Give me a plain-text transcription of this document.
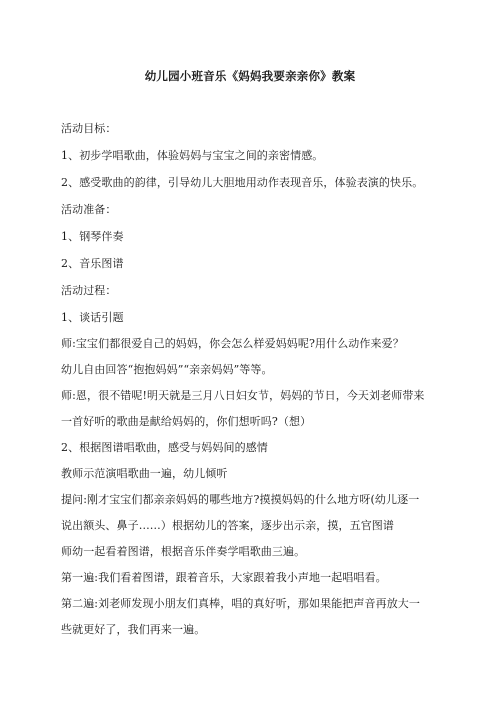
幼儿园小班音乐《妈妈我要亲亲你》教案
活动目标：
1、初步学唱歌曲，体验妈妈与宝宝之间的亲密情感。
2、感受歌曲的韵律，引导幼儿大胆地用动作表现音乐，体验表演的快乐。
活动准备：
1、钢琴伴奏
2、音乐图谱
活动过程：
1、谈话引题
师:宝宝们都很爱自己的妈妈，你会怎么样爱妈妈呢?用什么动作来爱？
幼儿自由回答“抱抱妈妈”“亲亲妈妈”等等。
师:恩，很不错呢!明天就是三月八日妇女节，妈妈的节日，今天刘老师带来
一首好听的歌曲是献给妈妈的，你们想听吗?（想）
2、根据图谱唱歌曲，感受与妈妈间的感情
教师示范演唱歌曲一遍，幼儿倾听
提问:刚才宝宝们都亲亲妈妈的哪些地方?摸摸妈妈的什么地方呀(幼儿逐一
说出额头、鼻子……）根据幼儿的答案，逐步出示亲，摸，五官图谱
师幼一起看着图谱，根据音乐伴奏学唱歌曲三遍。
第一遍:我们看着图谱，跟着音乐，大家跟着我小声地一起唱唱看。
第二遍:刘老师发现小朋友们真棒，唱的真好听，那如果能把声音再放大一
些就更好了，我们再来一遍。
